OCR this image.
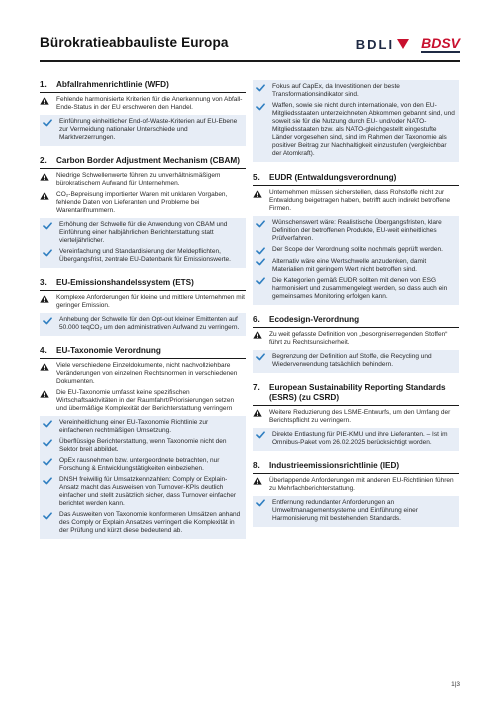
Bürokratieabbauliste Europa	BDLI BDSV
1.	Abfallrahmenrichtlinie (WFD)
Fehlende harmonisierte Kriterien für die Anerkennung von Abfall-Ende-Status in der EU erschweren den Handel.
Einführung einheitlicher End-of-Waste-Kriterien auf EU-Ebene zur Vermeidung nationaler Unterschiede und Marktverzerrungen.
2.	Carbon Border Adjustment Mechanism (CBAM)
Niedrige Schwellenwerte führen zu unverhältnismäßigem bürokratischem Aufwand für Unternehmen.
CO₂-Bepreisung importierter Waren mit unklaren Vorgaben, fehlende Daten von Lieferanten und Probleme bei Warentarifnummern.
Erhöhung der Schwelle für die Anwendung von CBAM und Einführung einer halbjährlichen Berichterstattung statt vierteljährlicher.
Vereinfachung und Standardisierung der Meldepflichten, Übergangsfrist, zentrale EU-Datenbank für Emissionswerte.
3.	EU-Emissionshandelssystem (ETS)
Komplexe Anforderungen für kleine und mittlere Unternehmen mit geringer Emission.
Anhebung der Schwelle für den Opt-out kleiner Emittenten auf 50.000 teqCO₂ um den administrativen Aufwand zu verringern.
4.	EU-Taxonomie Verordnung
Viele verschiedene Einzeldokumente, nicht nachvollziehbare Veränderungen von einzelnen Rechtsnormen in verschiedenen Dokumenten.
Die EU-Taxonomie umfasst keine spezifischen Wirtschaftsaktivitäten in der Raumfahrt/Priorisierungen setzen und übermäßige Komplexität der Berichterstattung verringern
Vereinheitlichung einer EU-Taxonomie Richtlinie zur einfacheren rechtmäßigen Umsetzung.
Überflüssige Berichterstattung, wenn Taxonomie nicht den Sektor breit abbildet.
OpEx rausnehmen bzw. untergeordnete betrachten, nur Forschung & Entwicklungstätigkeiten einbeziehen.
DNSH freiwillig für Umsatzkennzahlen: Comply or Explain-Ansatz macht das Ausweisen von Turnover-KPIs deutlich einfacher und stellt zusätzlich sicher, dass Turnover einfacher berichtet werden kann.
Das Ausweiten von Taxonomie konformeren Umsätzen anhand des Comply or Explain Ansatzes verringert die Komplexität in der Prüfung und kürzt diese bedeutend ab.
Fokus auf CapEx, da Investitionen der beste Transformationsindikator sind.
Waffen, sowie sie nicht durch internationale, von den EU-Mitgliedsstaaten unterzeichneten Abkommen gebannt sind, und soweit sie für die Nutzung durch EU- und/oder NATO-Mitgliedsstaaten bzw. als NATO-gleichgestellt eingestufte Länder vorgesehen sind, sind im Rahmen der Taxonomie als positiver Beitrag zur Nachhaltigkeit einzustufen (vergleichbar der Atomkraft).
5.	EUDR (Entwaldungsverordnung)
Unternehmen müssen sicherstellen, dass Rohstoffe nicht zur Entwaldung beigetragen haben, betrifft auch indirekt betroffene Firmen.
Wünschenswert wäre: Realistische Übergangsfristen, klare Definition der betroffenen Produkte, EU-weit einheitliches Prüfverfahren.
Der Scope der Verordnung sollte nochmals geprüft werden.
Alternativ wäre eine Wertschwelle anzudenken, damit Materialien mit geringem Wert nicht betroffen sind.
Die Kategorien gemäß EUDR sollten mit denen von ESG harmonisiert und zusammengelegt werden, so dass auch ein gemeinsames Monitoring erfolgen kann.
6.	Ecodesign-Verordnung
Zu weit gefasste Definition von „besorgniserregenden Stoffen“ führt zu Rechtsunsicherheit.
Begrenzung der Definition auf Stoffe, die Recycling und Wiederverwendung tatsächlich behindern.
7.	European Sustainability Reporting Standards (ESRS) (zu CSRD)
Weitere Reduzierung des LSME-Entwurfs, um den Umfang der Berichtspflicht zu verringern.
Direkte Entlastung für PIE-KMU und ihre Lieferanten. – Ist im Omnibus-Paket vom 26.02.2025 berücksichtigt worden.
8.	Industrieemissionsrichtlinie (IED)
Überlappende Anforderungen mit anderen EU-Richtlinien führen zu Mehrfachberichterstattung.
Entfernung redundanter Anforderungen an Umweltmanagementsysteme und Einführung einer Harmonisierung mit bestehenden Standards.
1|3
